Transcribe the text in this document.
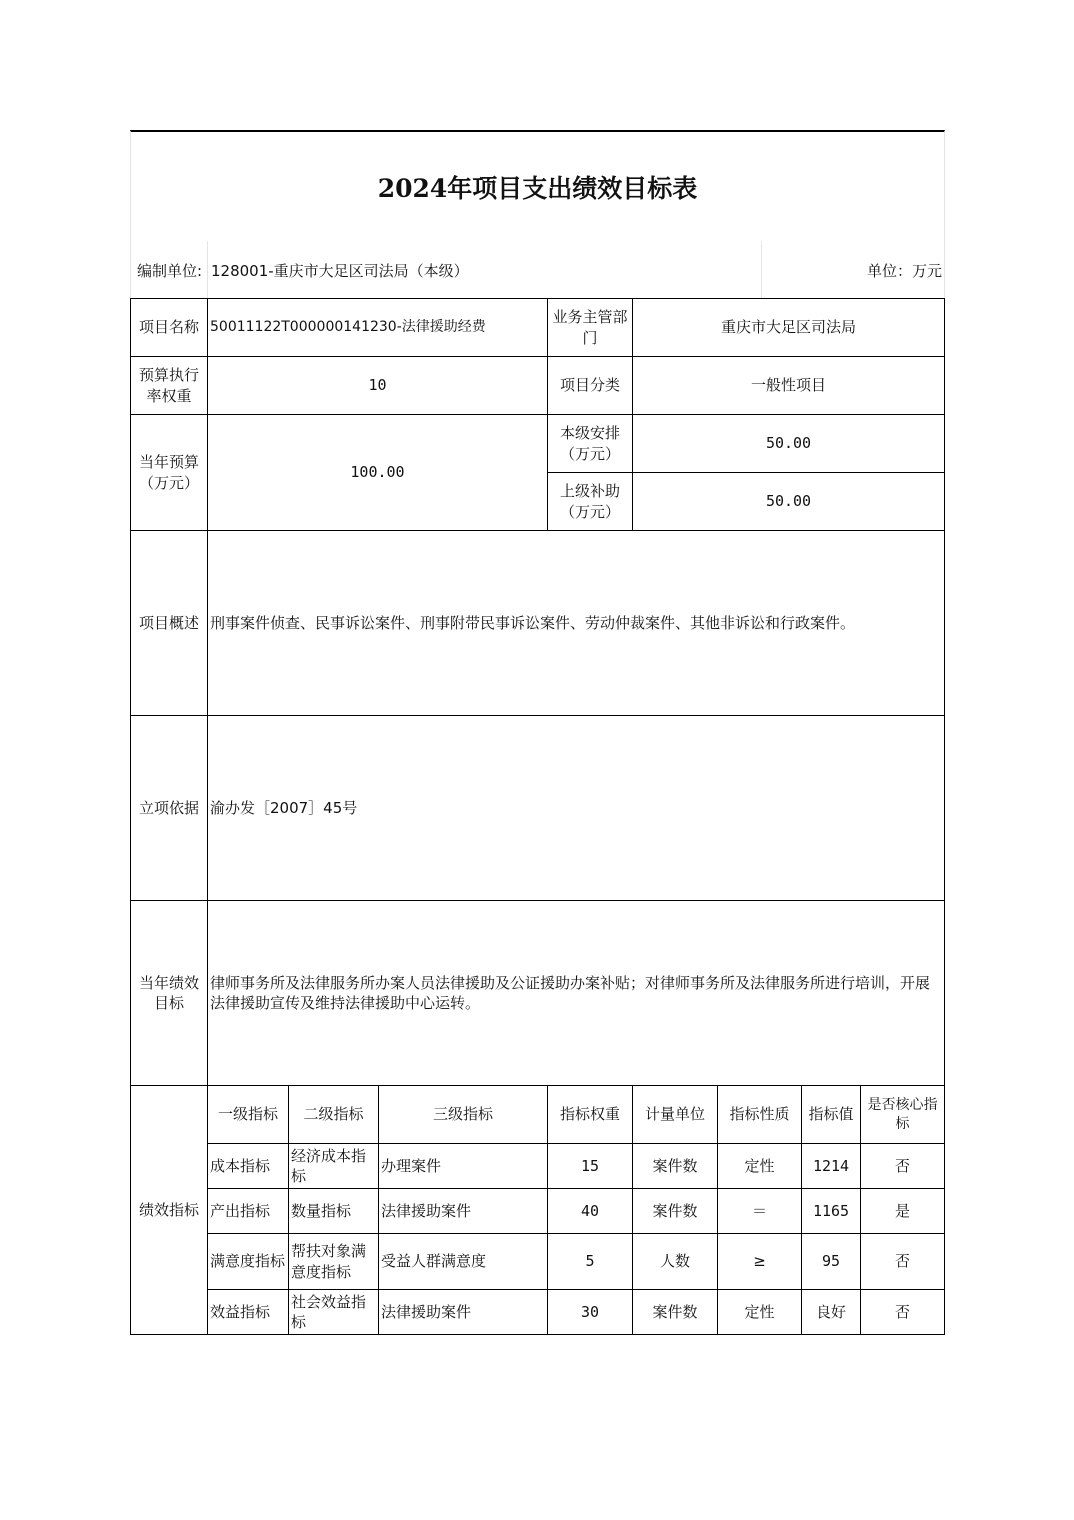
2024年项目支出绩效目标表
编制单位: 128001-重庆市大足区司法局（本级）	单位：万元
项目名称	50011122T000000141230-法律援助经费			业务主管部门	重庆市大足区司法局			
预算执行率权重	10			项目分类	一般性项目			
当年预算（万元）	100.00			本级安排（万元）	50.00			
				上级补助（万元）	50.00			
项目概述	刑事案件侦查、民事诉讼案件、刑事附带民事诉讼案件、劳动仲裁案件、其他非诉讼和行政案件。							
立项依据	渝办发［2007］45号							
当年绩效目标	律师事务所及法律服务所办案人员法律援助及公证援助办案补贴；对律师事务所及法律服务所进行培训，开展法律援助宣传及维持法律援助中心运转。							
绩效指标	一级指标	二级指标	三级指标	指标权重	计量单位	指标性质	指标值	是否核心指标
	成本指标	经济成本指标	办理案件	15	案件数	定性	1214	否
	产出指标	数量指标	法律援助案件	40	案件数	＝	1165	是
	满意度指标	帮扶对象满意度指标	受益人群满意度	5	人数	≥	95	否
	效益指标	社会效益指标	法律援助案件	30	案件数	定性	良好	否
